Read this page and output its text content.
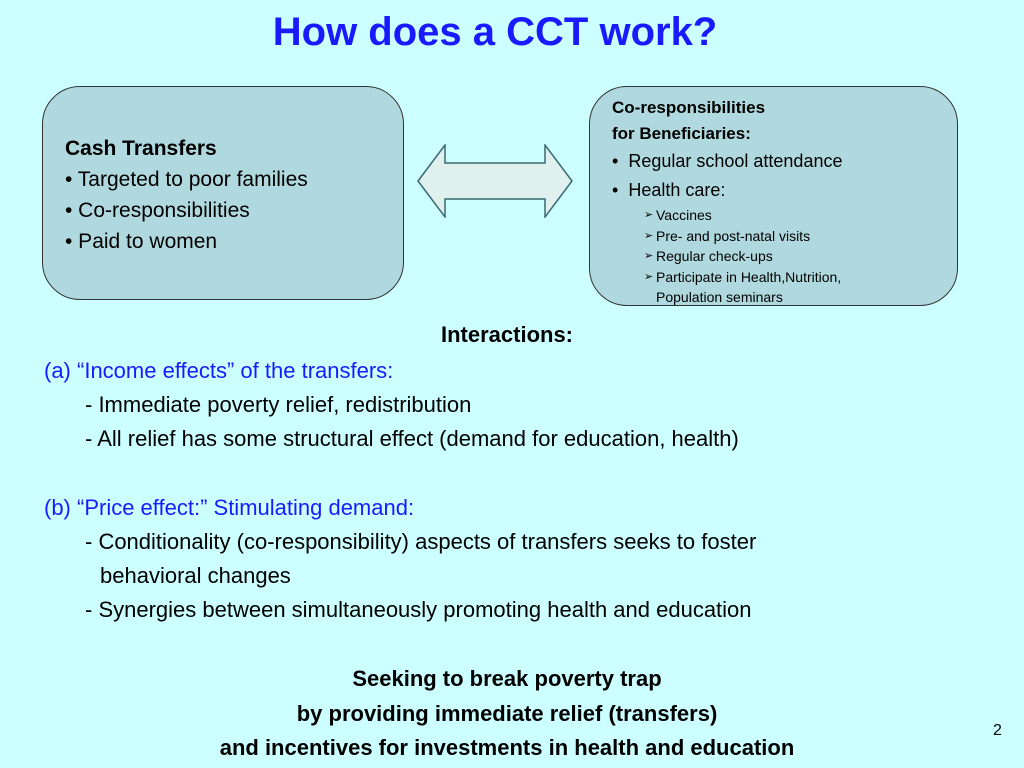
How does a CCT work?
Cash Transfers
• Targeted to poor families
• Co-responsibilities
• Paid to women
Co-responsibilities
for Beneficiaries:
• Regular school attendance
• Health care:
➢ Vaccines
➢ Pre- and post-natal visits
➢ Regular check-ups
➢ Participate in Health,Nutrition,
Population seminars
Interactions:
(a) “Income effects” of the transfers:
- Immediate poverty relief, redistribution
- All relief has some structural effect (demand for education, health)
(b) “Price effect:” Stimulating demand:
- Conditionality (co-responsibility) aspects of transfers seeks to foster
behavioral changes
- Synergies between simultaneously promoting health and education
Seeking to break poverty trap
by providing immediate relief (transfers)
and incentives for investments in health and education
2
